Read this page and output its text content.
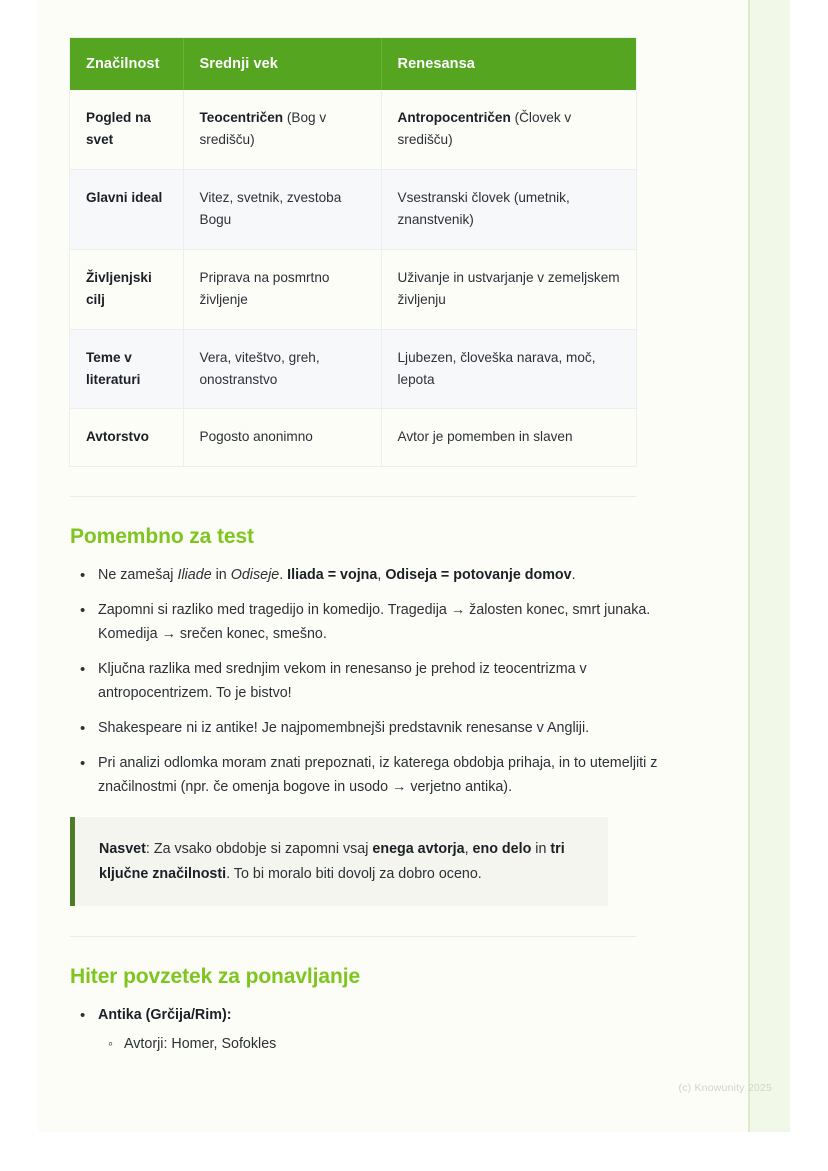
Značilnost	Srednji vek	Renesansa
Pogled na svet	Teocentričen (Bog v središču)	Antropocentričen (Človek v središču)
Glavni ideal	Vitez, svetnik, zvestoba Bogu	Vsestranski človek (umetnik, znanstvenik)
Življenjski cilj	Priprava na posmrtno življenje	Uživanje in ustvarjanje v zemeljskem življenju
Teme v literaturi	Vera, viteštvo, greh, onostranstvo	Ljubezen, človeška narava, moč, lepota
Avtorstvo	Pogosto anonimno	Avtor je pomemben in slaven
Pomembno za test
• Ne zamešaj Iliade in Odiseje. Iliada = vojna, Odiseja = potovanje domov.
• Zapomni si razliko med tragedijo in komedijo. Tragedija → žalosten konec, smrt junaka. Komedija → srečen konec, smešno.
• Ključna razlika med srednjim vekom in renesanso je prehod iz teocentrizma v antropocentrizem. To je bistvo!
• Shakespeare ni iz antike! Je najpomembnejši predstavnik renesanse v Angliji.
• Pri analizi odlomka moram znati prepoznati, iz katerega obdobja prihaja, in to utemeljiti z značilnostmi (npr. če omenja bogove in usodo → verjetno antika).
Nasvet: Za vsako obdobje si zapomni vsaj enega avtorja, eno delo in tri ključne značilnosti. To bi moralo biti dovolj za dobro oceno.
Hiter povzetek za ponavljanje
• Antika (Grčija/Rim):
◦ Avtorji: Homer, Sofokles
(c) Knowunity 2025
